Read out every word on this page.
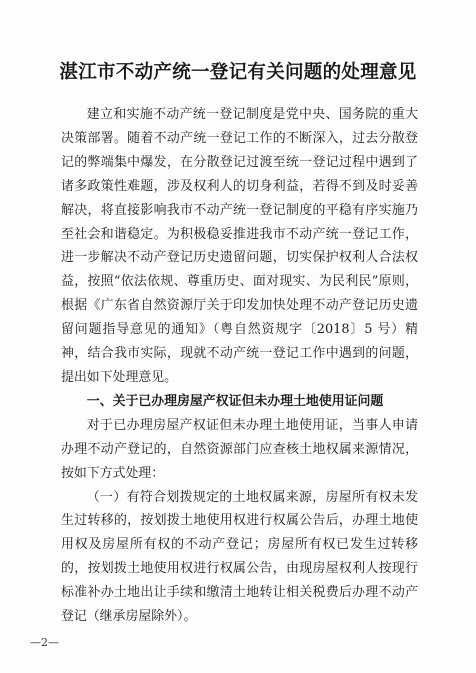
湛江市不动产统一登记有关问题的处理意见

建立和实施不动产统一登记制度是党中央、国务院的重大决策部署。随着不动产统一登记工作的不断深入，过去分散登记的弊端集中爆发，在分散登记过渡至统一登记过程中遇到了诸多政策性难题，涉及权利人的切身利益，若得不到及时妥善解决，将直接影响我市不动产统一登记制度的平稳有序实施乃至社会和谐稳定。为积极稳妥推进我市不动产统一登记工作，进一步解决不动产登记历史遗留问题，切实保护权利人合法权益，按照“依法依规、尊重历史、面对现实、为民利民”原则，根据《广东省自然资源厅关于印发加快处理不动产登记历史遗留问题指导意见的通知》（粤自然资规字〔2018〕5 号）精神，结合我市实际，现就不动产统一登记工作中遇到的问题，提出如下处理意见。

一、关于已办理房屋产权证但未办理土地使用证问题

对于已办理房屋产权证但未办理土地使用证，当事人申请办理不动产登记的，自然资源部门应查核土地权属来源情况，按如下方式处理：

（一）有符合划拨规定的土地权属来源，房屋所有权未发生过转移的，按划拨土地使用权进行权属公告后，办理土地使用权及房屋所有权的不动产登记；房屋所有权已发生过转移的，按划拨土地使用权进行权属公告，由现房屋权利人按现行标准补办土地出让手续和缴清土地转让相关税费后办理不动产登记（继承房屋除外）。

—2—
